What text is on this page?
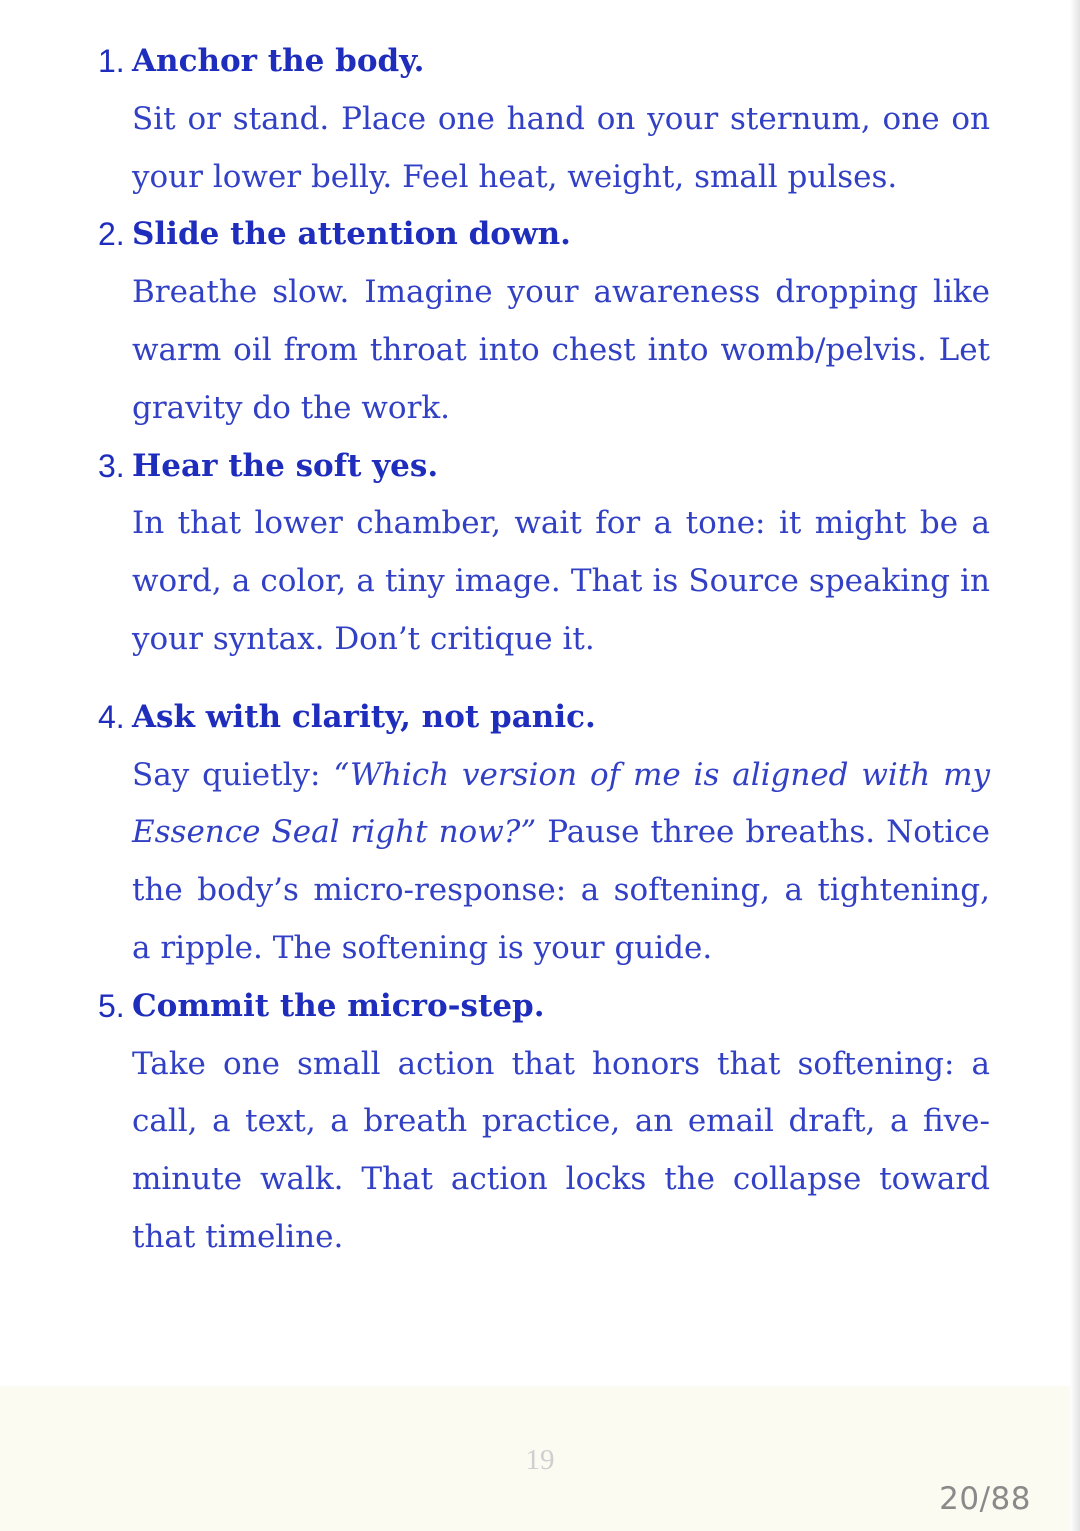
1. Anchor the body.
Sit or stand. Place one hand on your sternum, one on your lower belly. Feel heat, weight, small pulses.
2. Slide the attention down.
Breathe slow. Imagine your awareness dropping like warm oil from throat into chest into womb/pelvis. Let gravity do the work.
3. Hear the soft yes.
In that lower chamber, wait for a tone: it might be a word, a color, a tiny image. That is Source speaking in your syntax. Don’t critique it.
4. Ask with clarity, not panic.
Say quietly: “Which version of me is aligned with my Essence Seal right now?” Pause three breaths. Notice the body’s micro-response: a softening, a tightening, a ripple. The softening is your guide.
5. Commit the micro-step.
Take one small action that honors that softening: a call, a text, a breath practice, an email draft, a five-minute walk. That action locks the collapse toward that timeline.
19
20/88
